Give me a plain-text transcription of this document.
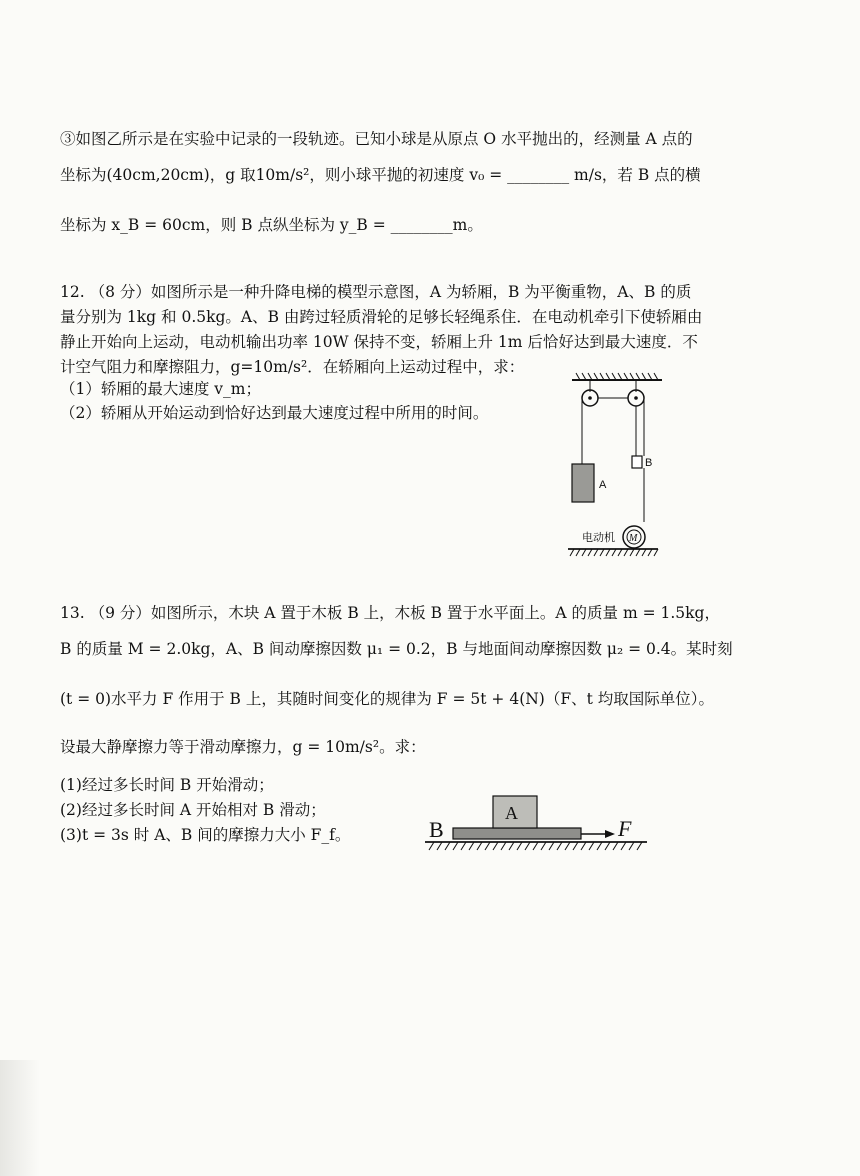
③如图乙所示是在实验中记录的一段轨迹。已知小球是从原点 O 水平抛出的，经测量 A 点的
坐标为(40cm,20cm)，g 取10m/s²，则小球平抛的初速度 v₀ = ________ m/s，若 B 点的横
坐标为 x_B = 60cm，则 B 点纵坐标为 y_B = ________m。
12. （8 分）如图所示是一种升降电梯的模型示意图，A 为轿厢，B 为平衡重物，A、B 的质
量分别为 1kg 和 0.5kg。A、B 由跨过轻质滑轮的足够长轻绳系住．在电动机牵引下使轿厢由
静止开始向上运动，电动机输出功率 10W 保持不变，轿厢上升 1m 后恰好达到最大速度．不
计空气阻力和摩擦阻力，g=10m/s²．在轿厢向上运动过程中，求：
（1）轿厢的最大速度 v_m；
（2）轿厢从开始运动到恰好达到最大速度过程中所用的时间。
A
B
M
电动机
13. （9 分）如图所示，木块 A 置于木板 B 上，木板 B 置于水平面上。A 的质量 m = 1.5kg，
B 的质量 M = 2.0kg，A、B 间动摩擦因数 μ₁ = 0.2，B 与地面间动摩擦因数 μ₂ = 0.4。某时刻
(t = 0)水平力 F 作用于 B 上，其随时间变化的规律为 F = 5t + 4(N)（F、t 均取国际单位）。
设最大静摩擦力等于滑动摩擦力，g = 10m/s²。求：
(1)经过多长时间 B 开始滑动；
(2)经过多长时间 A 开始相对 B 滑动；
(3)t = 3s 时 A、B 间的摩擦力大小 F_f。
A
B	F
